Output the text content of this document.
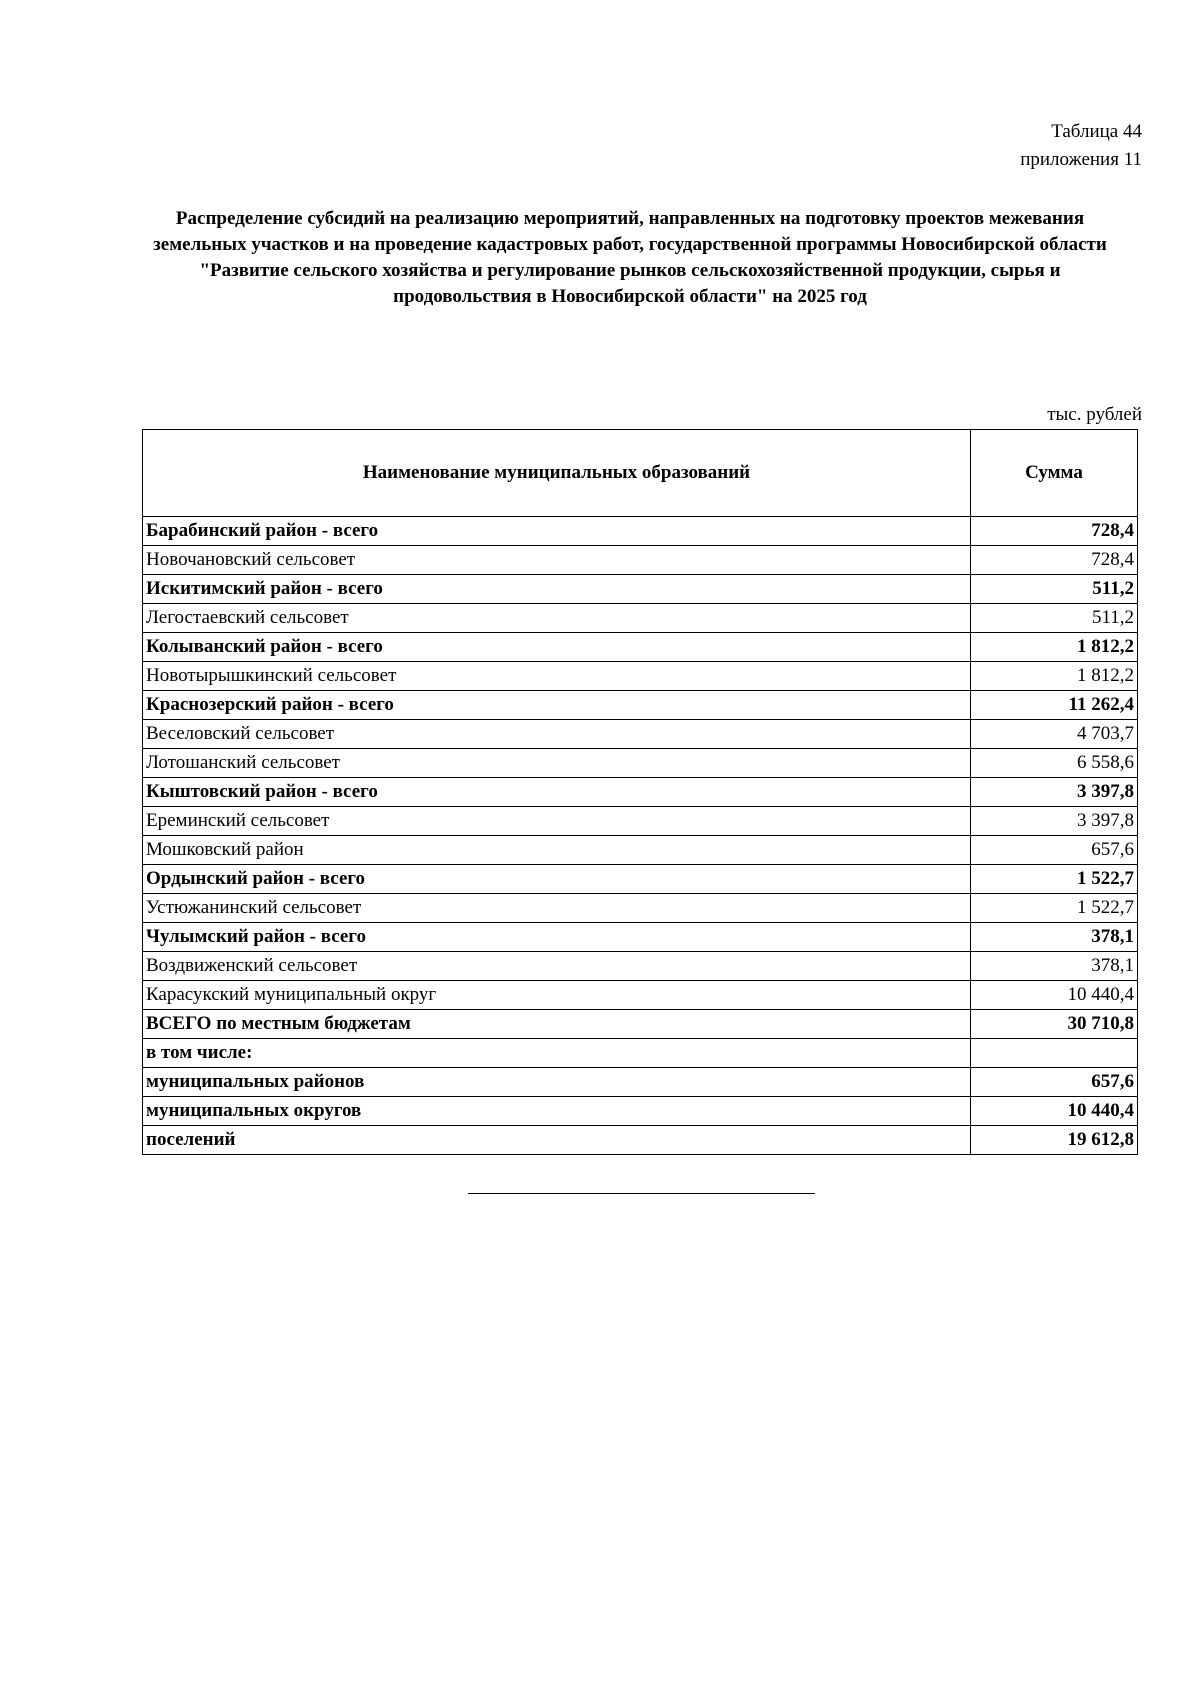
Таблица 44
приложения 11
Распределение субсидий на реализацию мероприятий, направленных на подготовку проектов межевания земельных участков и на проведение кадастровых работ, государственной программы Новосибирской области "Развитие сельского хозяйства и регулирование рынков сельскохозяйственной продукции, сырья и продовольствия в Новосибирской области" на 2025 год
тыс. рублей
Наименование муниципальных образований	Сумма
Барабинский район - всего	728,4
Новочановский сельсовет	728,4
Искитимский район - всего	511,2
Легостаевский сельсовет	511,2
Колыванский район - всего	1 812,2
Новотырышкинский сельсовет	1 812,2
Краснозерский район - всего	11 262,4
Веселовский сельсовет	4 703,7
Лотошанский сельсовет	6 558,6
Кыштовский район - всего	3 397,8
Ереминский сельсовет	3 397,8
Мошковский район	657,6
Ордынский район - всего	1 522,7
Устюжанинский сельсовет	1 522,7
Чулымский район - всего	378,1
Воздвиженский сельсовет	378,1
Карасукский муниципальный округ	10 440,4
ВСЕГО по местным бюджетам	30 710,8
в том числе:	
муниципальных районов	657,6
муниципальных округов	10 440,4
поселений	19 612,8
